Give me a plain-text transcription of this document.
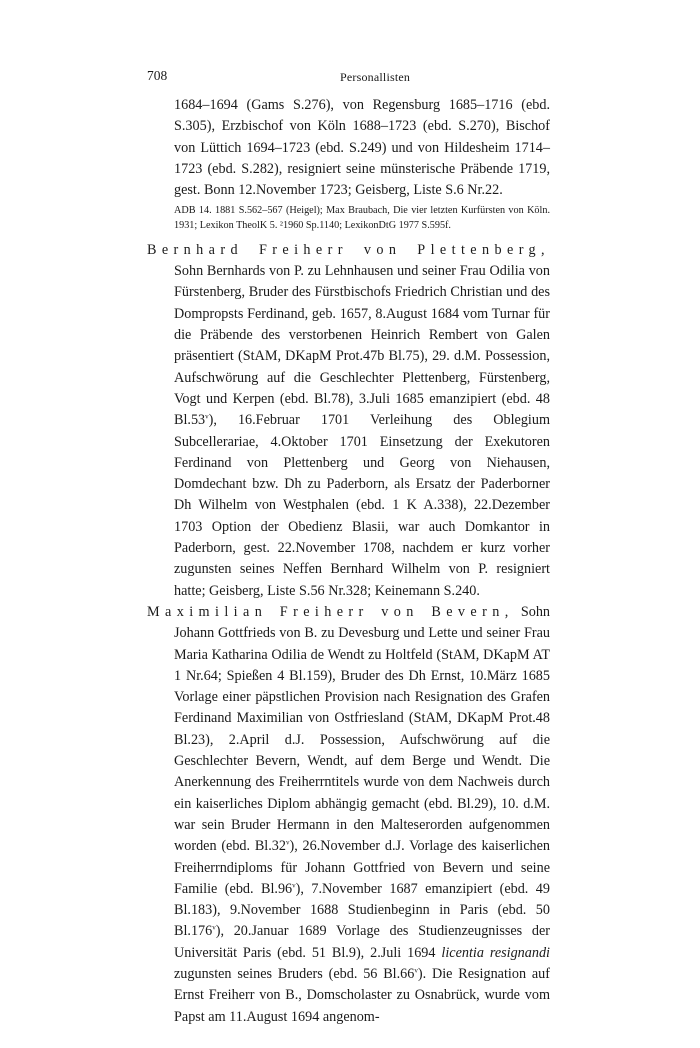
708	Personallisten

1684–1694 (Gams S.276), von Regensburg 1685–1716 (ebd. S.305), Erzbischof von Köln 1688–1723 (ebd. S.270), Bischof von Lüttich 1694–1723 (ebd. S.249) und von Hildesheim 1714–1723 (ebd. S.282), resigniert seine münsterische Präbende 1719, gest. Bonn 12.November 1723; Geisberg, Liste S.6 Nr.22.

ADB 14. 1881 S.562–567 (Heigel); Max Braubach, Die vier letzten Kurfürsten von Köln. 1931; Lexikon TheolK 5. ²1960 Sp.1140; LexikonDtG 1977 S.595f.

Bernhard Freiherr von Plettenberg, Sohn Bernhards von P. zu Lehnhausen und seiner Frau Odilia von Fürstenberg, Bruder des Fürstbischofs Friedrich Christian und des Dompropsts Ferdinand, geb. 1657, 8.August 1684 vom Turnar für die Präbende des verstorbenen Heinrich Rembert von Galen präsentiert (StAM, DKapM Prot.47b Bl.75), 29. d.M. Possession, Aufschwörung auf die Geschlechter Plettenberg, Fürstenberg, Vogt und Kerpen (ebd. Bl.78), 3.Juli 1685 emanzipiert (ebd. 48 Bl.53$^v$), 16.Februar 1701 Verleihung des Oblegium Subcellerariae, 4.Oktober 1701 Einsetzung der Exekutoren Ferdinand von Plettenberg und Georg von Niehausen, Domdechant bzw. Dh zu Paderborn, als Ersatz der Paderborner Dh Wilhelm von Westphalen (ebd. 1 K A.338), 22.Dezember 1703 Option der Obedienz Blasii, war auch Domkantor in Paderborn, gest. 22.November 1708, nachdem er kurz vorher zugunsten seines Neffen Bernhard Wilhelm von P. resigniert hatte; Geisberg, Liste S.56 Nr.328; Keinemann S.240.

Maximilian Freiherr von Bevern, Sohn Johann Gottfrieds von B. zu Devesburg und Lette und seiner Frau Maria Katharina Odilia de Wendt zu Holtfeld (StAM, DKapM AT 1 Nr.64; Spießen 4 Bl.159), Bruder des Dh Ernst, 10.März 1685 Vorlage einer päpstlichen Provision nach Resignation des Grafen Ferdinand Maximilian von Ostfriesland (StAM, DKapM Prot.48 Bl.23), 2.April d.J. Possession, Aufschwörung auf die Geschlechter Bevern, Wendt, auf dem Berge und Wendt. Die Anerkennung des Freiherrntitels wurde von dem Nachweis durch ein kaiserliches Diplom abhängig gemacht (ebd. Bl.29), 10. d.M. war sein Bruder Hermann in den Malteserorden aufgenommen worden (ebd. Bl.32$^v$), 26.November d.J. Vorlage des kaiserlichen Freiherrndiploms für Johann Gottfried von Bevern und seine Familie (ebd. Bl.96$^v$), 7.November 1687 emanzipiert (ebd. 49 Bl.183), 9.November 1688 Studienbeginn in Paris (ebd. 50 Bl.176$^v$), 20.Januar 1689 Vorlage des Studienzeugnisses der Universität Paris (ebd. 51 Bl.9), 2.Juli 1694 licentia resignandi zugunsten seines Bruders (ebd. 56 Bl.66$^v$). Die Resignation auf Ernst Freiherr von B., Domscholaster zu Osnabrück, wurde vom Papst am 11.August 1694 angenom-
